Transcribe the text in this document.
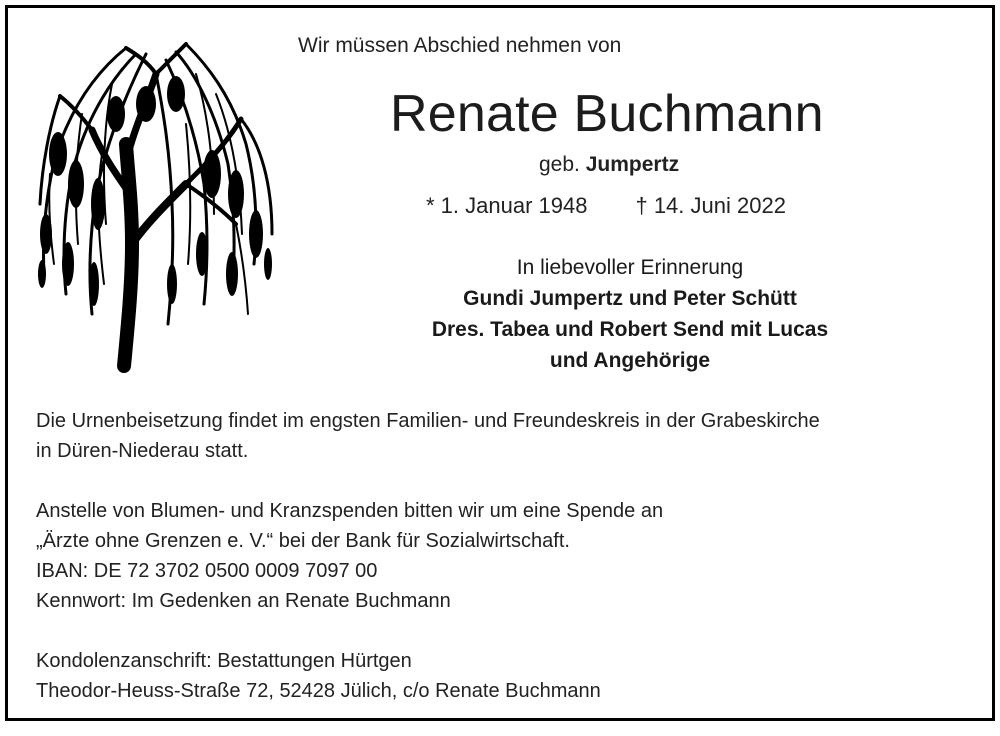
Wir müssen Abschied nehmen von
Renate Buchmann
geb. Jumpertz
* 1. Januar 1948 † 14. Juni 2022
In liebevoller Erinnerung
Gundi Jumpertz und Peter Schütt
Dres. Tabea und Robert Send mit Lucas
und Angehörige
Die Urnenbeisetzung findet im engsten Familien- und Freundeskreis in der Grabeskirche
in Düren-Niederau statt.
Anstelle von Blumen- und Kranzspenden bitten wir um eine Spende an
„Ärzte ohne Grenzen e. V.“ bei der Bank für Sozialwirtschaft.
IBAN: DE 72 3702 0500 0009 7097 00
Kennwort: Im Gedenken an Renate Buchmann
Kondolenzanschrift: Bestattungen Hürtgen
Theodor-Heuss-Straße 72, 52428 Jülich, c/o Renate Buchmann
